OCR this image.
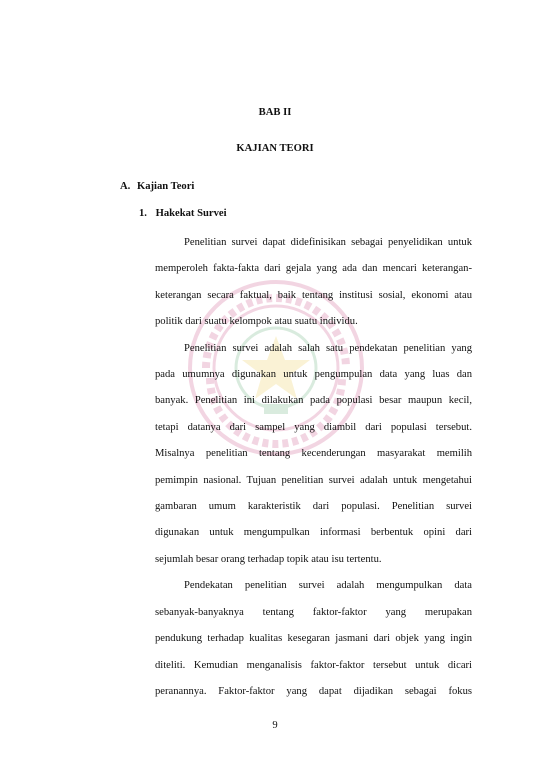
BAB II
KAJIAN TEORI
A. Kajian Teori
1. Hakekat Survei
Penelitian survei dapat didefinisikan sebagai penyelidikan untuk
memperoleh fakta-fakta dari gejala yang ada dan mencari keterangan-
keterangan secara faktual, baik tentang institusi sosial, ekonomi atau
politik dari suatu kelompok atau suatu individu.
Penelitian survei adalah salah satu pendekatan penelitian yang
pada umumnya digunakan untuk pengumpulan data yang luas dan
banyak. Penelitian ini dilakukan pada populasi besar maupun kecil,
tetapi datanya dari sampel yang diambil dari populasi tersebut.
Misalnya penelitian tentang kecenderungan masyarakat memilih
pemimpin nasional. Tujuan penelitian survei adalah untuk mengetahui
gambaran umum karakteristik dari populasi. Penelitian survei
digunakan untuk mengumpulkan informasi berbentuk opini dari
sejumlah besar orang terhadap topik atau isu tertentu.
Pendekatan penelitian survei adalah mengumpulkan data
sebanyak-banyaknya tentang faktor-faktor yang merupakan
pendukung terhadap kualitas kesegaran jasmani dari objek yang ingin
diteliti. Kemudian menganalisis faktor-faktor tersebut untuk dicari
peranannya. Faktor-faktor yang dapat dijadikan sebagai fokus
9
